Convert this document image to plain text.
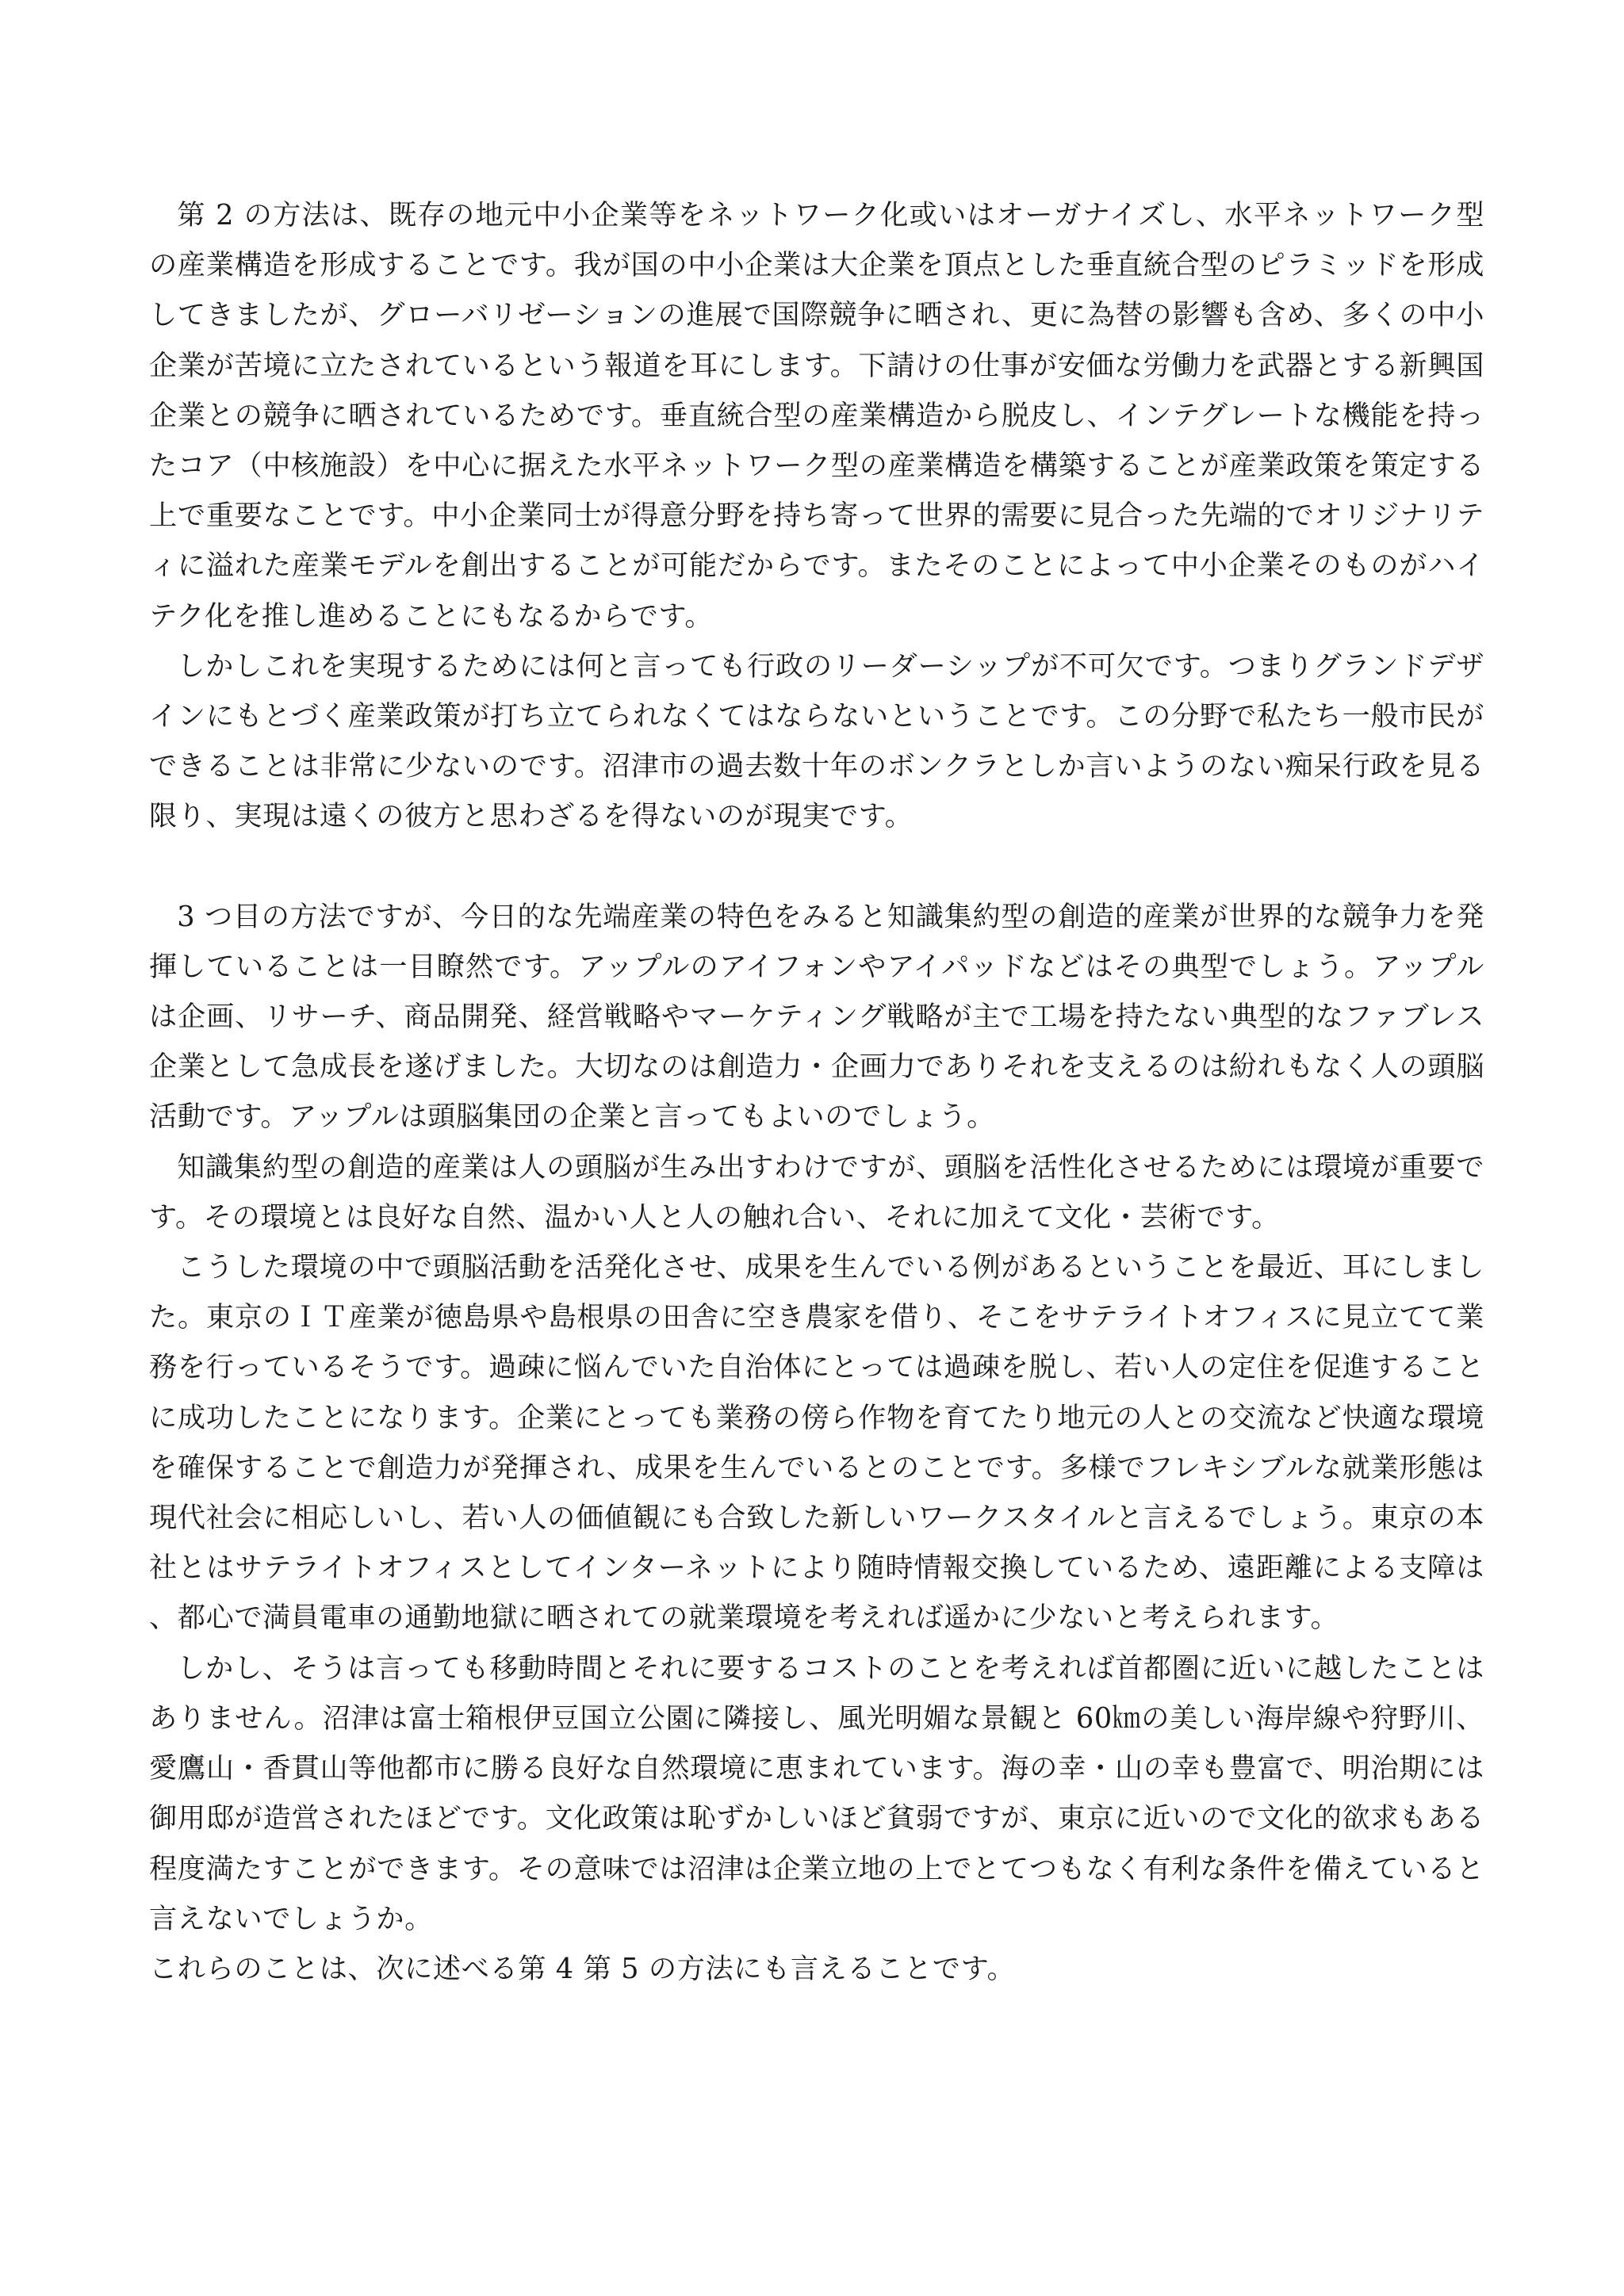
第 2 の方法は、既存の地元中小企業等をネットワーク化或いはオーガナイズし、水平ネットワーク型の産業構造を形成することです。我が国の中小企業は大企業を頂点とした垂直統合型のピラミッドを形成してきましたが、グローバリゼーションの進展で国際競争に晒され、更に為替の影響も含め、多くの中小企業が苦境に立たされているという報道を耳にします。下請けの仕事が安価な労働力を武器とする新興国企業との競争に晒されているためです。垂直統合型の産業構造から脱皮し、インテグレートな機能を持ったコア（中核施設）を中心に据えた水平ネットワーク型の産業構造を構築することが産業政策を策定する上で重要なことです。中小企業同士が得意分野を持ち寄って世界的需要に見合った先端的でオリジナリティに溢れた産業モデルを創出することが可能だからです。またそのことによって中小企業そのものがハイテク化を推し進めることにもなるからです。

しかしこれを実現するためには何と言っても行政のリーダーシップが不可欠です。つまりグランドデザインにもとづく産業政策が打ち立てられなくてはならないということです。この分野で私たち一般市民ができることは非常に少ないのです。沼津市の過去数十年のボンクラとしか言いようのない痴呆行政を見る限り、実現は遠くの彼方と思わざるを得ないのが現実です。

3 つ目の方法ですが、今日的な先端産業の特色をみると知識集約型の創造的産業が世界的な競争力を発揮していることは一目瞭然です。アップルのアイフォンやアイパッドなどはその典型でしょう。アップルは企画、リサーチ、商品開発、経営戦略やマーケティング戦略が主で工場を持たない典型的なファブレス企業として急成長を遂げました。大切なのは創造力・企画力でありそれを支えるのは紛れもなく人の頭脳活動です。アップルは頭脳集団の企業と言ってもよいのでしょう。

知識集約型の創造的産業は人の頭脳が生み出すわけですが、頭脳を活性化させるためには環境が重要です。その環境とは良好な自然、温かい人と人の触れ合い、それに加えて文化・芸術です。

こうした環境の中で頭脳活動を活発化させ、成果を生んでいる例があるということを最近、耳にしました。東京のＩＴ産業が徳島県や島根県の田舎に空き農家を借り、そこをサテライトオフィスに見立てて業務を行っているそうです。過疎に悩んでいた自治体にとっては過疎を脱し、若い人の定住を促進することに成功したことになります。企業にとっても業務の傍ら作物を育てたり地元の人との交流など快適な環境を確保することで創造力が発揮され、成果を生んでいるとのことです。多様でフレキシブルな就業形態は現代社会に相応しいし、若い人の価値観にも合致した新しいワークスタイルと言えるでしょう。東京の本社とはサテライトオフィスとしてインターネットにより随時情報交換しているため、遠距離による支障は、都心で満員電車の通勤地獄に晒されての就業環境を考えれば遥かに少ないと考えられます。

しかし、そうは言っても移動時間とそれに要するコストのことを考えれば首都圏に近いに越したことはありません。沼津は富士箱根伊豆国立公園に隣接し、風光明媚な景観と 60㎞の美しい海岸線や狩野川、愛鷹山・香貫山等他都市に勝る良好な自然環境に恵まれています。海の幸・山の幸も豊富で、明治期には御用邸が造営されたほどです。文化政策は恥ずかしいほど貧弱ですが、東京に近いので文化的欲求もある程度満たすことができます。その意味では沼津は企業立地の上でとてつもなく有利な条件を備えていると言えないでしょうか。

これらのことは、次に述べる第 4 第 5 の方法にも言えることです。
